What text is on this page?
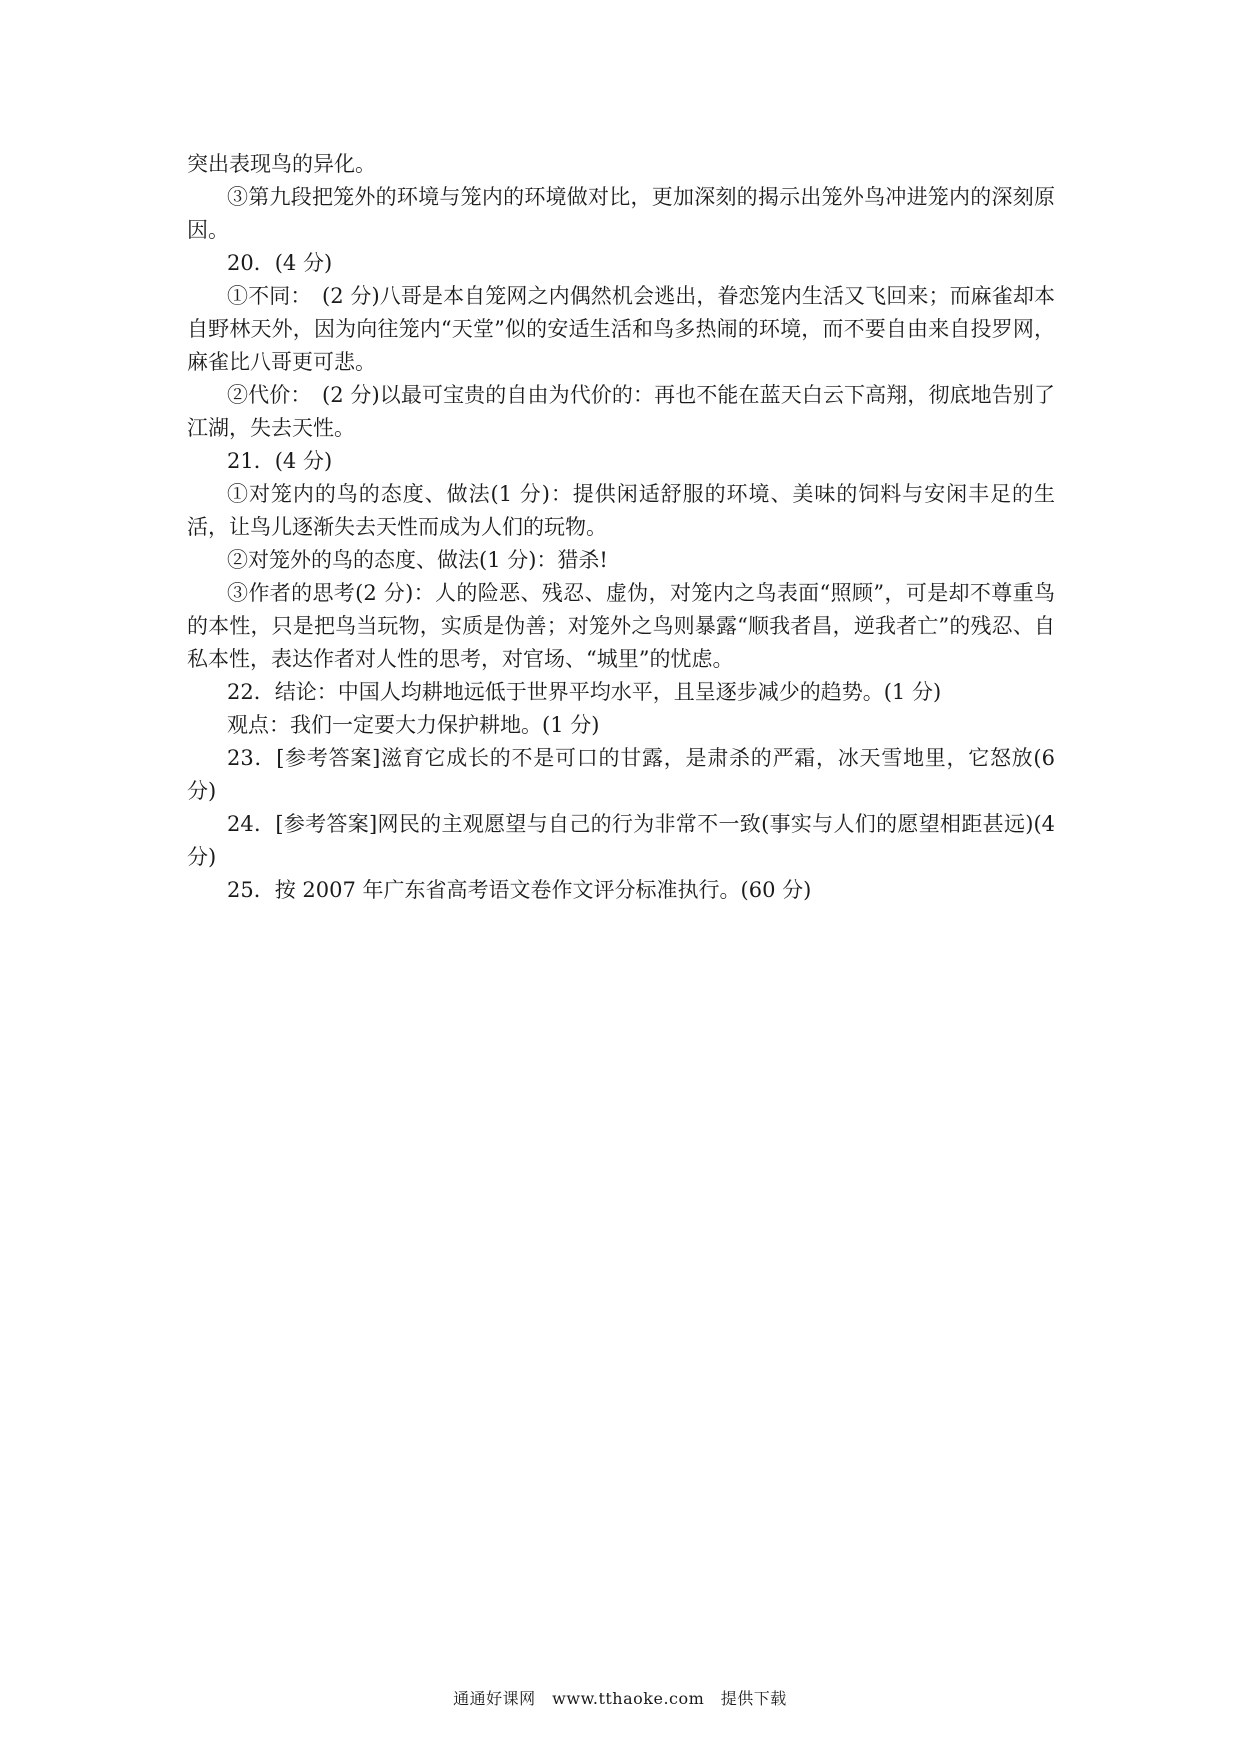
突出表现鸟的异化。

③第九段把笼外的环境与笼内的环境做对比，更加深刻的揭示出笼外鸟冲进笼内的深刻原因。

20．(4 分)

①不同：　(2 分)八哥是本自笼网之内偶然机会逃出，眷恋笼内生活又飞回来；而麻雀却本自野林天外，因为向往笼内“天堂”似的安适生活和鸟多热闹的环境，而不要自由来自投罗网，麻雀比八哥更可悲。

②代价：　(2 分)以最可宝贵的自由为代价的：再也不能在蓝天白云下高翔，彻底地告别了江湖，失去天性。

21．(4 分)

①对笼内的鸟的态度、做法(1 分)：提供闲适舒服的环境、美味的饲料与安闲丰足的生活，让鸟儿逐渐失去天性而成为人们的玩物。

②对笼外的鸟的态度、做法(1 分)：猎杀!

③作者的思考(2 分)：人的险恶、残忍、虚伪，对笼内之鸟表面“照顾”，可是却不尊重鸟的本性，只是把鸟当玩物，实质是伪善；对笼外之鸟则暴露“顺我者昌，逆我者亡”的残忍、自私本性，表达作者对人性的思考，对官场、“城里”的忧虑。

22．结论：中国人均耕地远低于世界平均水平，且呈逐步减少的趋势。(1 分)

观点：我们一定要大力保护耕地。(1 分)

23．[参考答案]滋育它成长的不是可口的甘露，是肃杀的严霜，冰天雪地里，它怒放(6 分)

24．[参考答案]网民的主观愿望与自己的行为非常不一致(事实与人们的愿望相距甚远)(4 分)

25．按 2007 年广东省高考语文卷作文评分标准执行。(60 分)

通通好课网　www.tthaoke.com　提供下载
